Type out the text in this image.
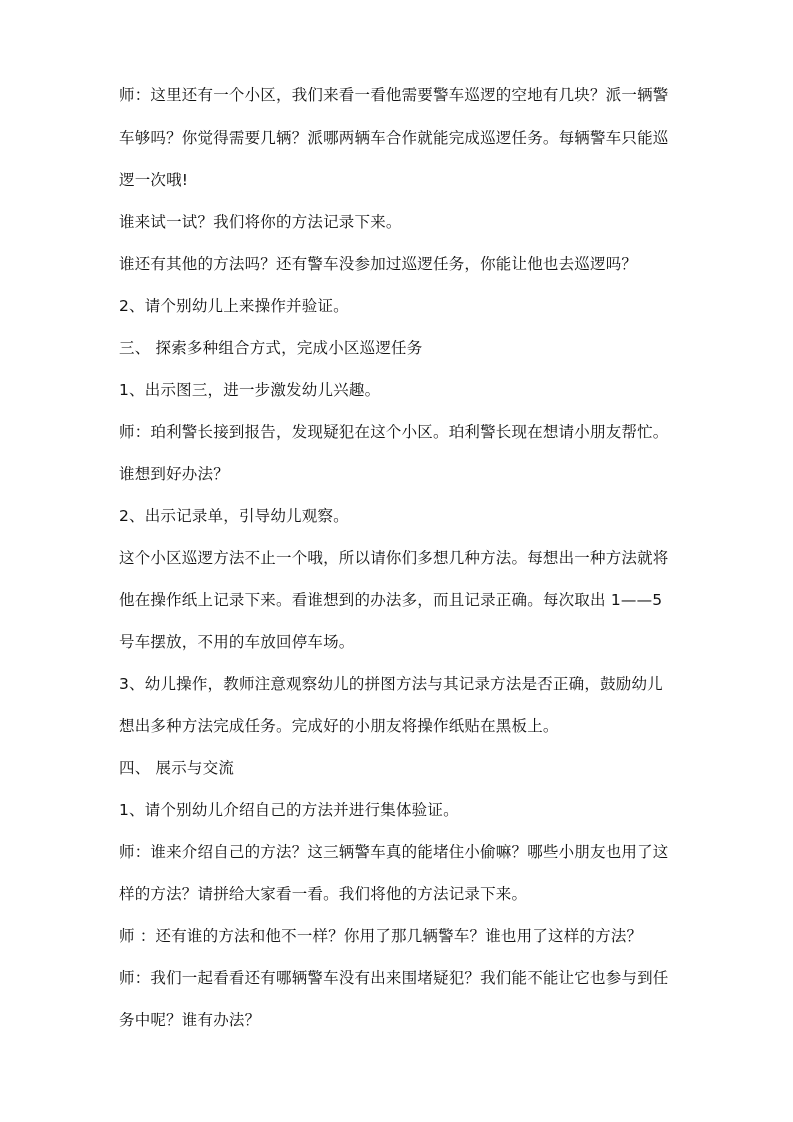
师：这里还有一个小区，我们来看一看他需要警车巡逻的空地有几块？派一辆警
车够吗？你觉得需要几辆？派哪两辆车合作就能完成巡逻任务。每辆警车只能巡
逻一次哦!
谁来试一试？我们将你的方法记录下来。
谁还有其他的方法吗？还有警车没参加过巡逻任务，你能让他也去巡逻吗？
2、请个别幼儿上来操作并验证。
三、 探索多种组合方式，完成小区巡逻任务
1、出示图三，进一步激发幼儿兴趣。
师：珀利警长接到报告，发现疑犯在这个小区。珀利警长现在想请小朋友帮忙。
谁想到好办法？
2、出示记录单，引导幼儿观察。
这个小区巡逻方法不止一个哦，所以请你们多想几种方法。每想出一种方法就将
他在操作纸上记录下来。看谁想到的办法多，而且记录正确。每次取出 1——5
号车摆放，不用的车放回停车场。
3、幼儿操作，教师注意观察幼儿的拼图方法与其记录方法是否正确，鼓励幼儿
想出多种方法完成任务。完成好的小朋友将操作纸贴在黑板上。
四、 展示与交流
1、请个别幼儿介绍自己的方法并进行集体验证。
师：谁来介绍自己的方法？这三辆警车真的能堵住小偷嘛？哪些小朋友也用了这
样的方法？请拼给大家看一看。我们将他的方法记录下来。
师 ：还有谁的方法和他不一样？你用了那几辆警车？谁也用了这样的方法？
师：我们一起看看还有哪辆警车没有出来围堵疑犯？我们能不能让它也参与到任
务中呢？谁有办法？
